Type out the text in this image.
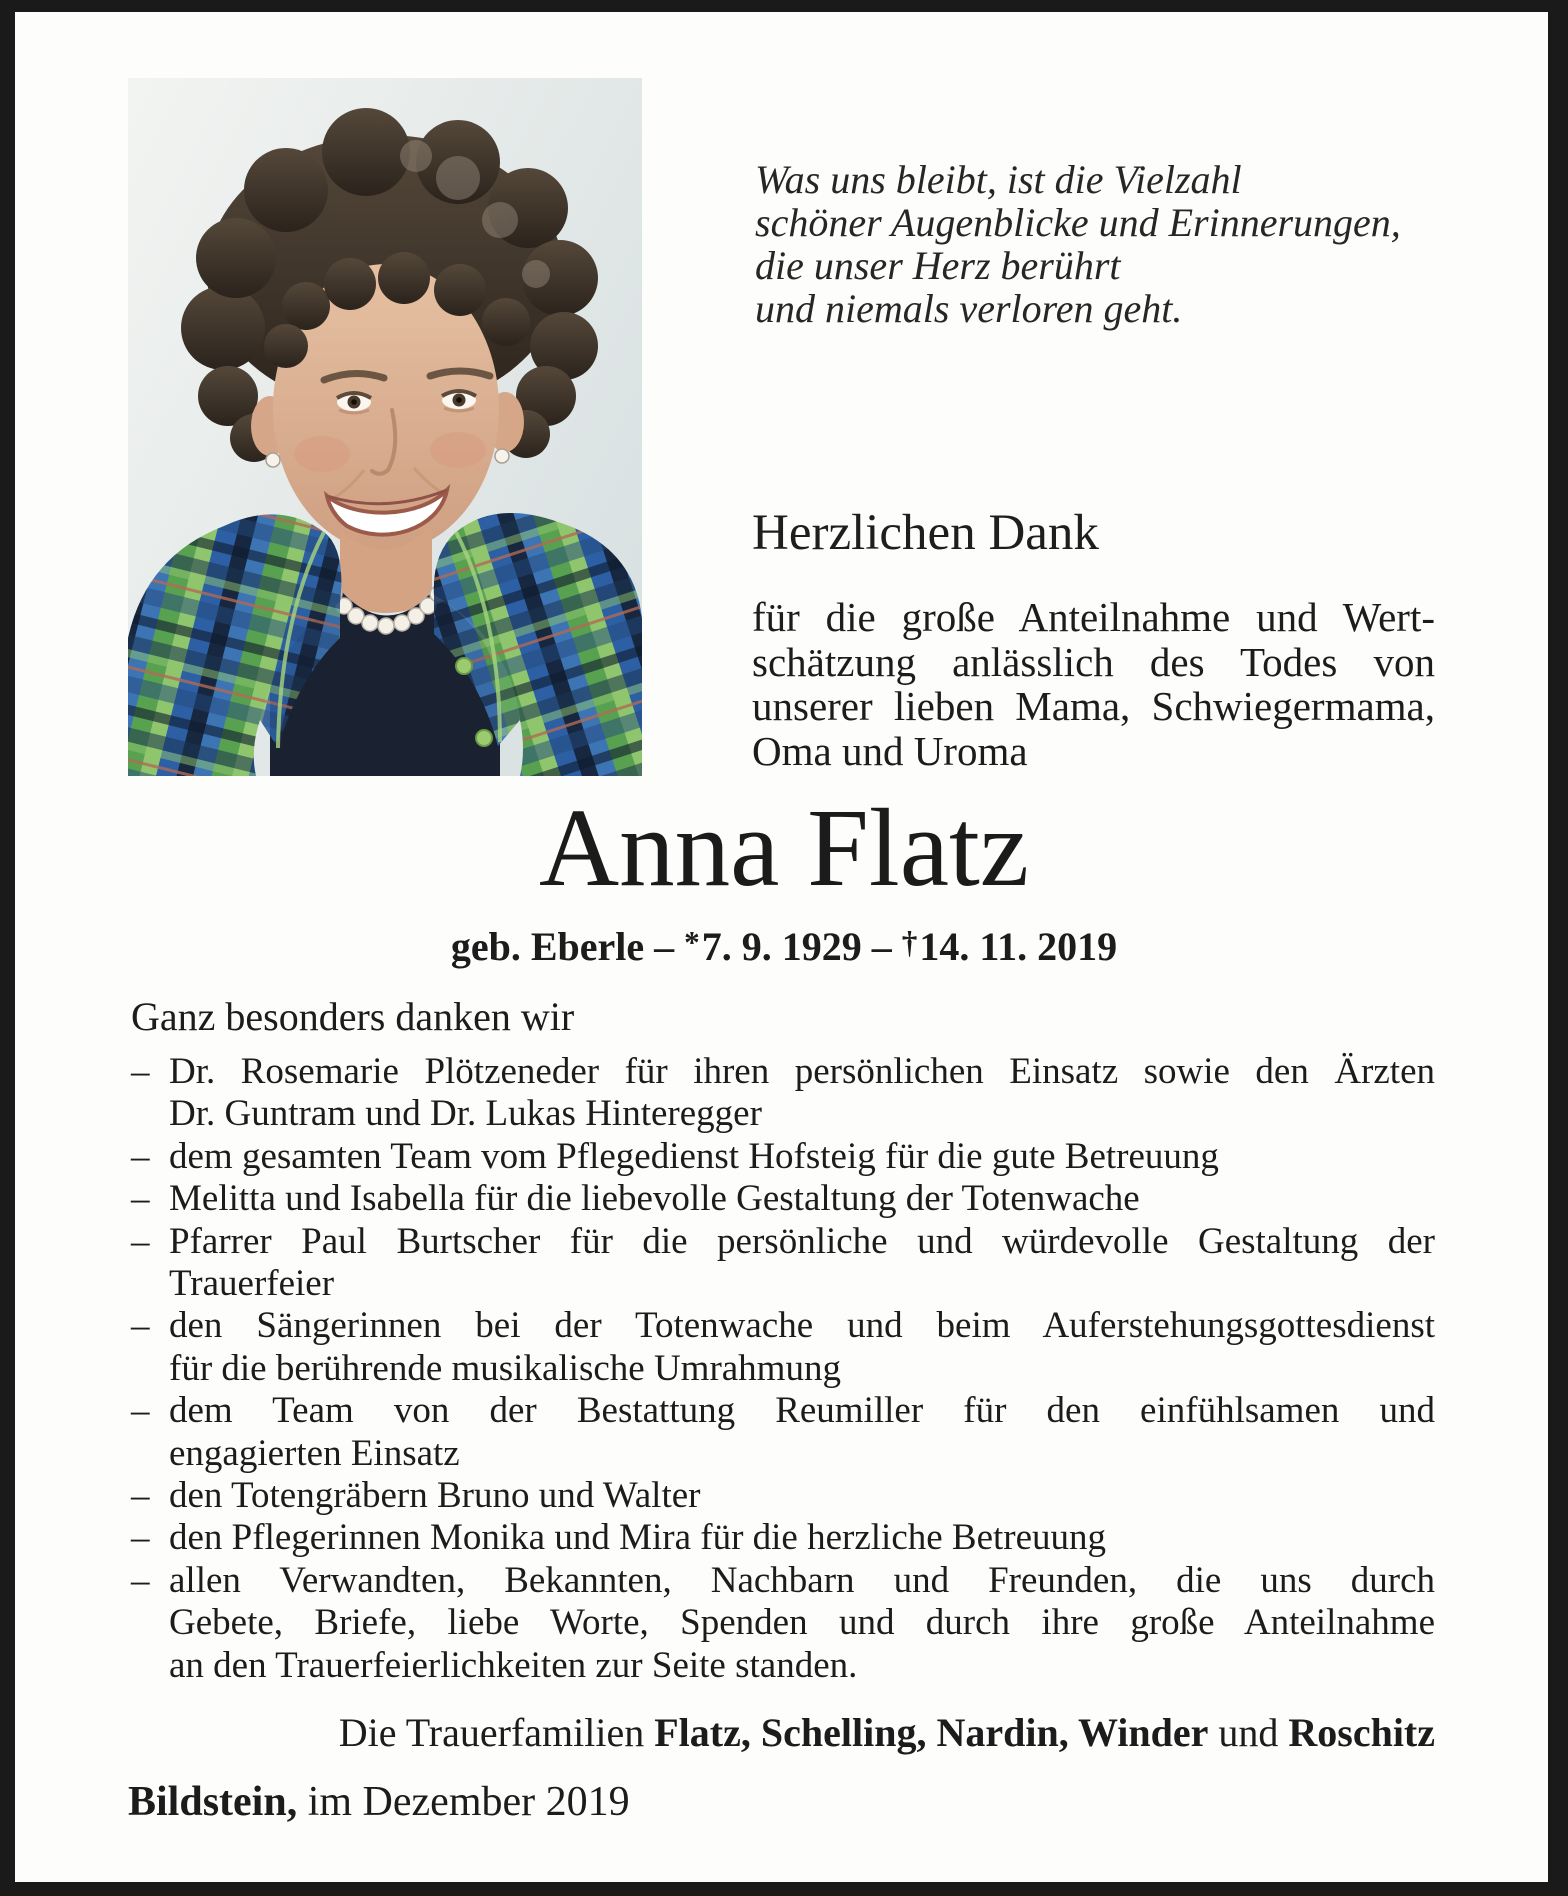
Was uns bleibt, ist die Vielzahl
schöner Augenblicke und Erinnerungen,
die unser Herz berührt
und niemals verloren geht.
Herzlichen Dank
für die große Anteilnahme und Wert-
schätzung anlässlich des Todes von
unserer lieben Mama, Schwiegermama,
Oma und Uroma
Anna Flatz
geb. Eberle – *7. 9. 1929 – †14. 11. 2019
Ganz besonders danken wir
– Dr. Rosemarie Plötzeneder für ihren persönlichen Einsatz sowie den Ärzten
Dr. Guntram und Dr. Lukas Hinteregger
– dem gesamten Team vom Pflegedienst Hofsteig für die gute Betreuung
– Melitta und Isabella für die liebevolle Gestaltung der Totenwache
– Pfarrer Paul Burtscher für die persönliche und würdevolle Gestaltung der
Trauerfeier
– den Sängerinnen bei der Totenwache und beim Auferstehungsgottesdienst
für die berührende musikalische Umrahmung
– dem Team von der Bestattung Reumiller für den einfühlsamen und
engagierten Einsatz
– den Totengräbern Bruno und Walter
– den Pflegerinnen Monika und Mira für die herzliche Betreuung
– allen Verwandten, Bekannten, Nachbarn und Freunden, die uns durch
Gebete, Briefe, liebe Worte, Spenden und durch ihre große Anteilnahme
an den Trauerfeierlichkeiten zur Seite standen.
Die Trauerfamilien Flatz, Schelling, Nardin, Winder und Roschitz
Bildstein, im Dezember 2019
